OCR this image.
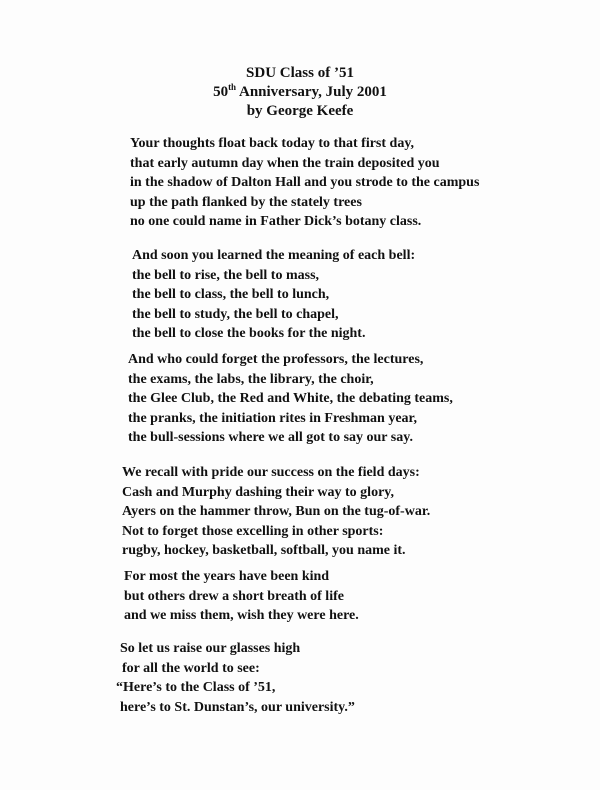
SDU Class of ’51
50th Anniversary, July 2001
by George Keefe
Your thoughts float back today to that first day,
that early autumn day when the train deposited you
in the shadow of Dalton Hall and you strode to the campus
up the path flanked by the stately trees
no one could name in Father Dick’s botany class.
And soon you learned the meaning of each bell:
the bell to rise, the bell to mass,
the bell to class, the bell to lunch,
the bell to study, the bell to chapel,
the bell to close the books for the night.
And who could forget the professors, the lectures,
the exams, the labs, the library, the choir,
the Glee Club, the Red and White, the debating teams,
the pranks, the initiation rites in Freshman year,
the bull-sessions where we all got to say our say.
We recall with pride our success on the field days:
Cash and Murphy dashing their way to glory,
Ayers on the hammer throw, Bun on the tug-of-war.
Not to forget those excelling in other sports:
rugby, hockey, basketball, softball, you name it.
For most the years have been kind
but others drew a short breath of life
and we miss them, wish they were here.
So let us raise our glasses high
for all the world to see:
“Here’s to the Class of ’51,
here’s to St. Dunstan’s, our university.”
